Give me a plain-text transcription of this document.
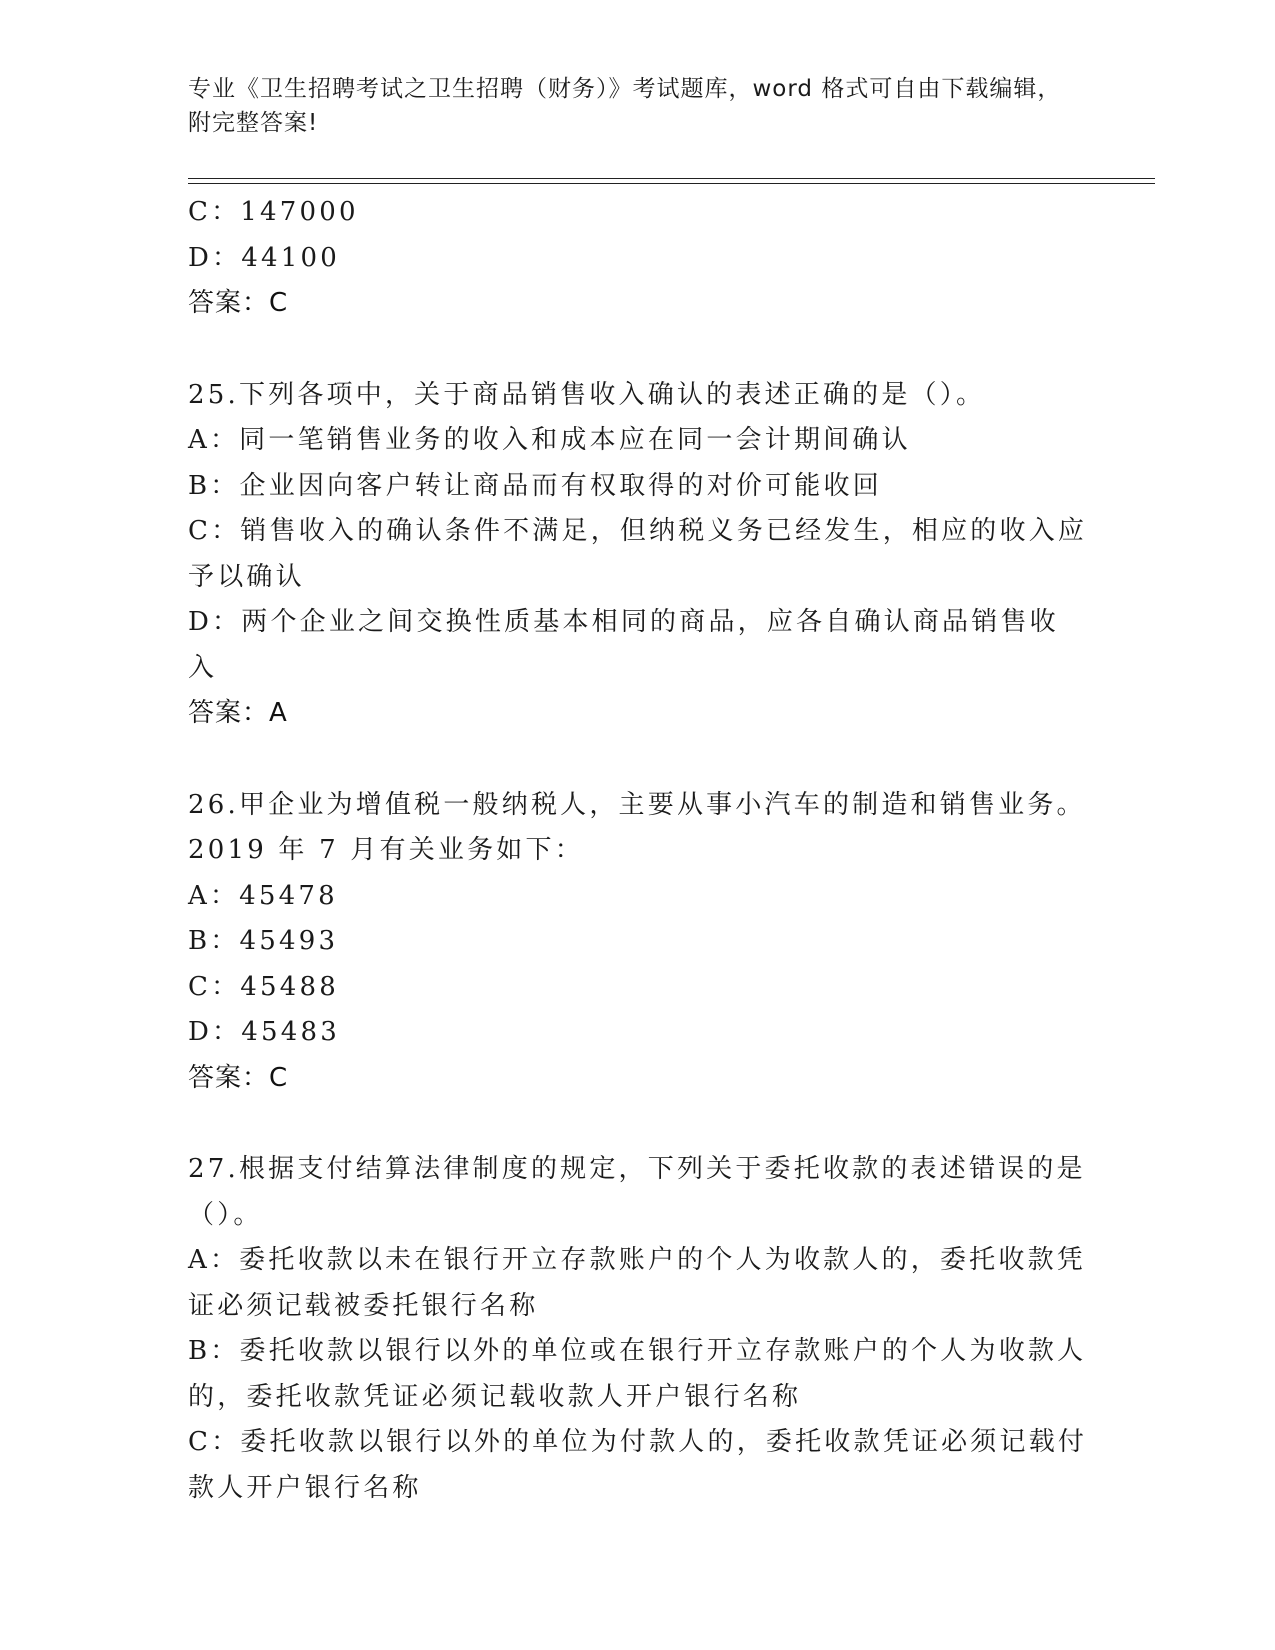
专业《卫生招聘考试之卫生招聘（财务）》考试题库，word 格式可自由下载编辑，附完整答案!
C：147000
D：44100
答案：C
25.下列各项中，关于商品销售收入确认的表述正确的是（）。
A：同一笔销售业务的收入和成本应在同一会计期间确认
B：企业因向客户转让商品而有权取得的对价可能收回
C：销售收入的确认条件不满足，但纳税义务已经发生，相应的收入应予以确认
D：两个企业之间交换性质基本相同的商品，应各自确认商品销售收入
答案：A
26.甲企业为增值税一般纳税人，主要从事小汽车的制造和销售业务。2019 年 7 月有关业务如下：
A：45478
B：45493
C：45488
D：45483
答案：C
27.根据支付结算法律制度的规定，下列关于委托收款的表述错误的是（）。
A：委托收款以未在银行开立存款账户的个人为收款人的，委托收款凭证必须记载被委托银行名称
B：委托收款以银行以外的单位或在银行开立存款账户的个人为收款人的，委托收款凭证必须记载收款人开户银行名称
C：委托收款以银行以外的单位为付款人的，委托收款凭证必须记载付款人开户银行名称
